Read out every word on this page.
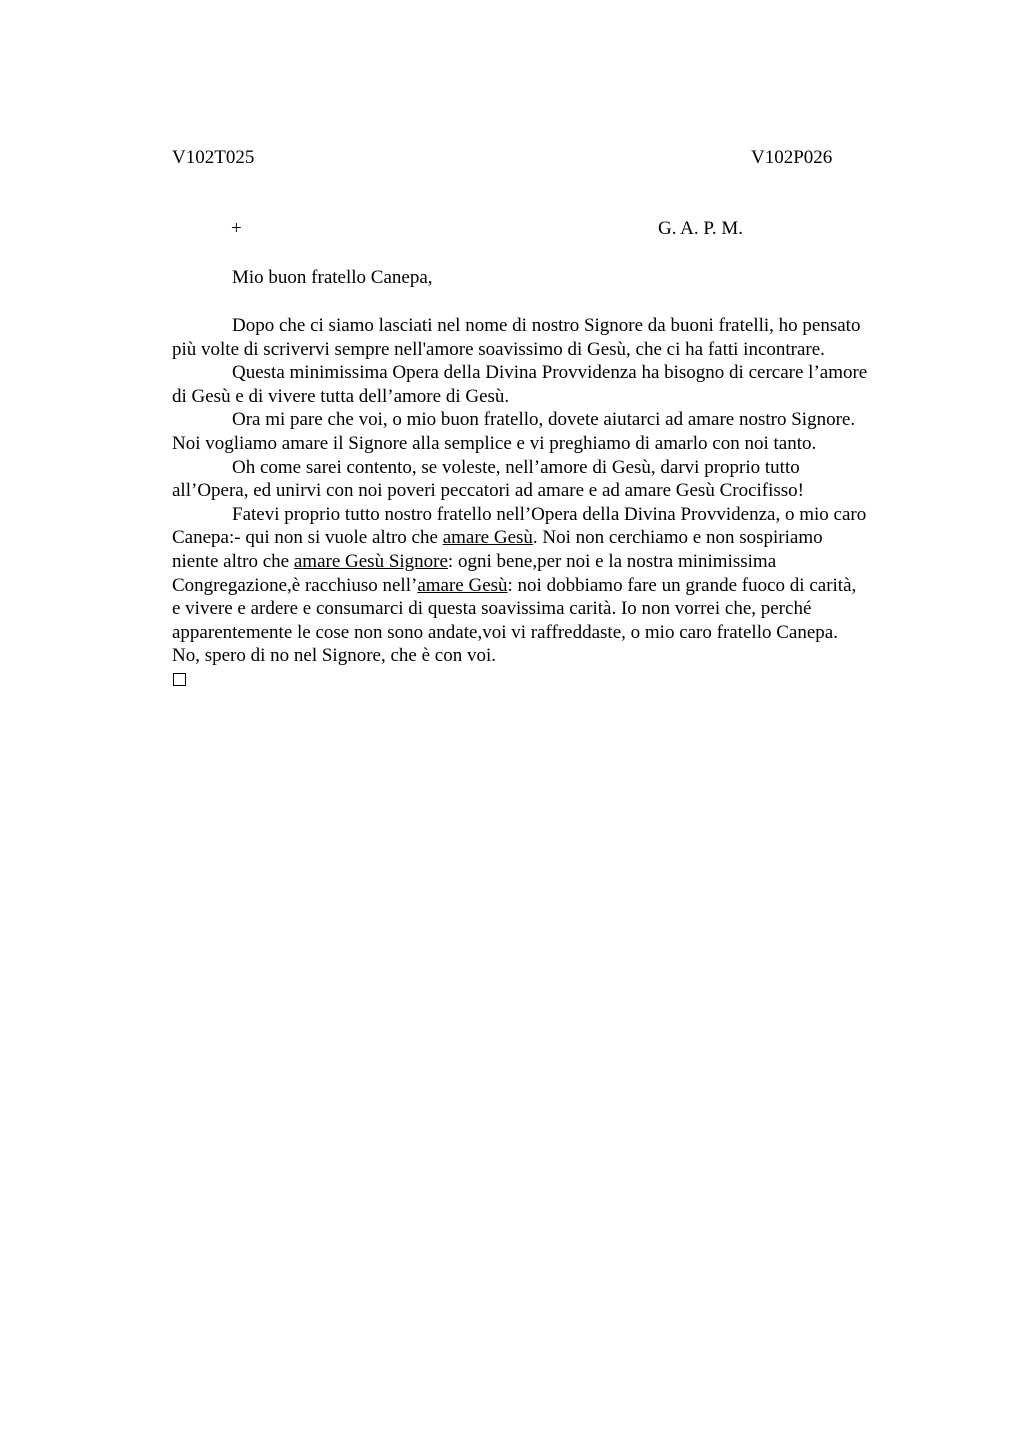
V102T025	V102P026
+	G. A. P. M.
Mio buon fratello Canepa,
Dopo che ci siamo lasciati nel nome di nostro Signore da buoni fratelli, ho pensato
più volte di scrivervi sempre nell'amore soavissimo di Gesù, che ci ha fatti incontrare.
Questa minimissima Opera della Divina Provvidenza ha bisogno di cercare l’amore
di Gesù e di vivere tutta dell’amore di Gesù.
Ora mi pare che voi, o mio buon fratello, dovete aiutarci ad amare nostro Signore.
Noi vogliamo amare il Signore alla semplice e vi preghiamo di amarlo con noi tanto.
Oh come sarei contento, se voleste, nell’amore di Gesù, darvi proprio tutto
all’Opera, ed unirvi con noi poveri peccatori ad amare e ad amare Gesù Crocifisso!
Fatevi proprio tutto nostro fratello nell’Opera della Divina Provvidenza, o mio caro
Canepa:- qui non si vuole altro che amare Gesù. Noi non cerchiamo e non sospiriamo
niente altro che amare Gesù Signore: ogni bene,per noi e la nostra minimissima
Congregazione,è racchiuso nell’amare Gesù: noi dobbiamo fare un grande fuoco di carità,
e vivere e ardere e consumarci di questa soavissima carità. Io non vorrei che, perché
apparentemente le cose non sono andate,voi vi raffreddaste, o mio caro fratello Canepa.
No, spero di no nel Signore, che è con voi.
